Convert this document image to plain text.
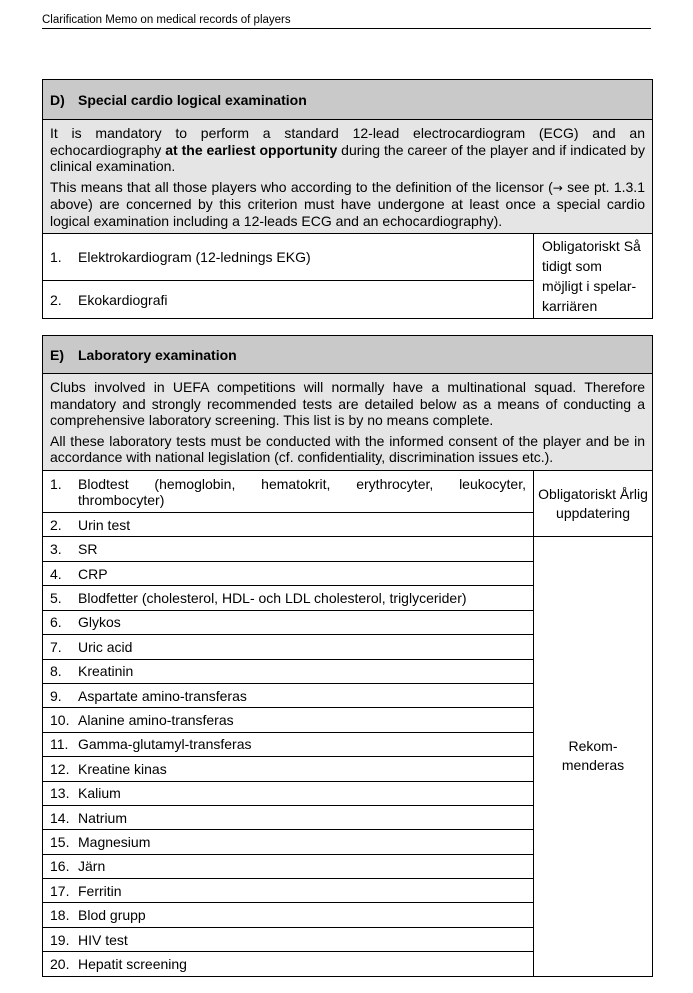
Clarification Memo on medical records of players
D) Special cardio logical examination

It is mandatory to perform a standard 12-lead electrocardiogram (ECG) and an echocardiography at the earliest opportunity during the career of the player and if indicated by clinical examination.

This means that all those players who according to the definition of the licensor (→ see pt. 1.3.1 above) are concerned by this criterion must have undergone at least once a special cardio logical examination including a 12-leads ECG and an echocardiography).

1. Elektrokardiogram (12-lednings EKG)	Obligatoriskt Så tidigt som möjligt i spelar-karriären
2. Ekokardiografi
E) Laboratory examination	

Clubs involved in UEFA competitions will normally have a multinational squad. Therefore mandatory and strongly recommended tests are detailed below as a means of conducting a comprehensive laboratory screening. This list is by no means complete.

All these laboratory tests must be conducted with the informed consent of the player and be in accordance with national legislation (cf. confidentiality, discrimination issues etc.).	

1. Blodtest (hemoglobin, hematokrit, erythrocyter, leukocyter, thrombocyter)	Obligatoriskt Årlig uppdatering
2. Urin test	
3. SR	Rekom-menderas
4. CRP	
5. Blodfetter (cholesterol, HDL- och LDL cholesterol, triglycerider)	
6. Glykos	
7. Uric acid	
8. Kreatinin	
9. Aspartate amino-transferas	
10. Alanine amino-transferas	
11. Gamma-glutamyl-transferas	
12. Kreatine kinas	
13. Kalium	
14. Natrium	
15. Magnesium	
16. Järn	
17. Ferritin	
18. Blod grupp	
19. HIV test	
20. Hepatit screening	
